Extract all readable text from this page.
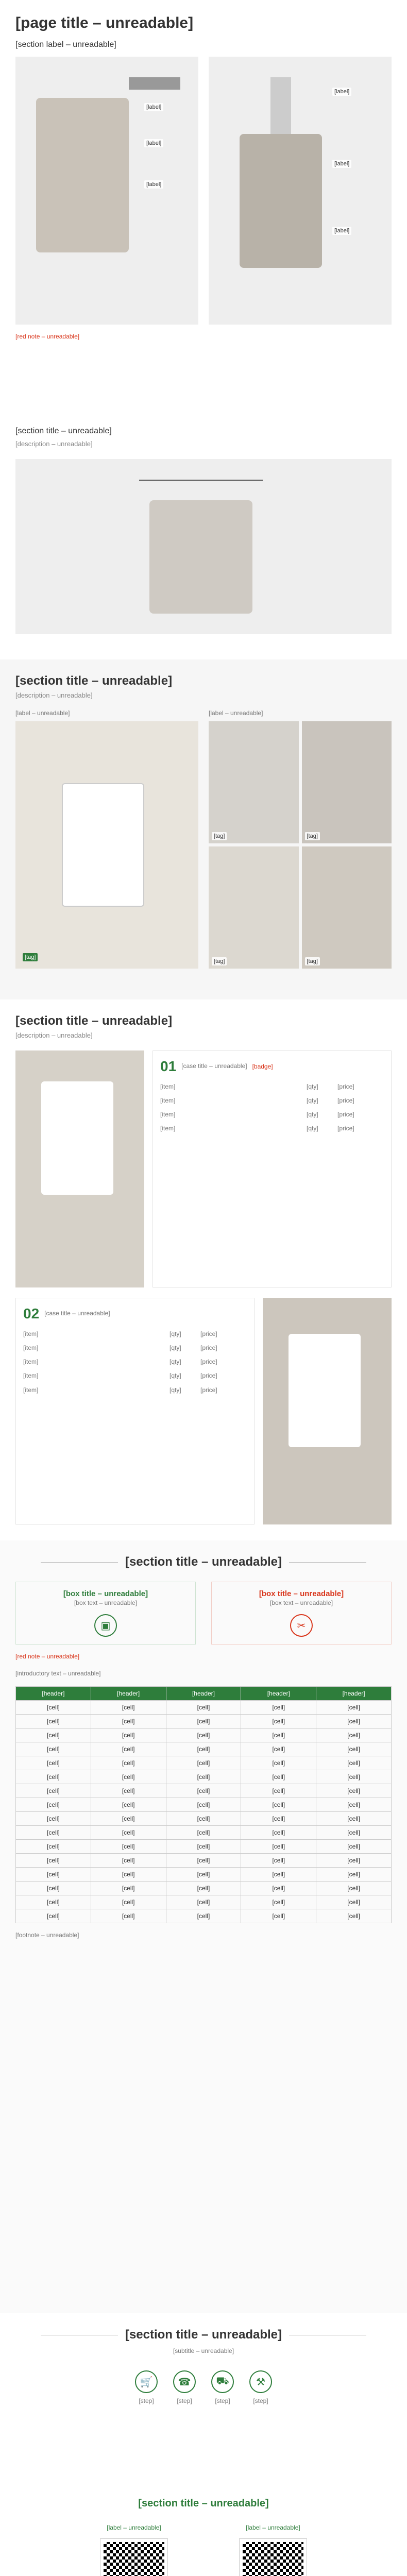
[page title – unreadable]
[section label – unreadable]
[label]
[label]
[label]
[label]
[label]
[label]
[red note – unreadable]
[section title – unreadable]
[description – unreadable]
[section title – unreadable]
[description – unreadable]
[label – unreadable]
[tag]
[label – unreadable]
[tag]	[tag]
[tag]	[tag]
[section title – unreadable]
[description – unreadable]
01 [case title – unreadable] [badge]
[item]	[qty]	[price]
[item]	[qty]	[price]
[item]	[qty]	[price]
[item]	[qty]	[price]
02 [case title – unreadable]
[item]	[qty]	[price]
[item]	[qty]	[price]
[item]	[qty]	[price]
[item]	[qty]	[price]
[item]	[qty]	[price]
[section title – unreadable]
[box title – unreadable]
[box text – unreadable]
▣
[box title – unreadable]
[box text – unreadable]
✂
[red note – unreadable]
[introductory text – unreadable]
[header]	[header]	[header]	[header]	[header]
[cell]	[cell]	[cell]	[cell]	[cell]
[cell]	[cell]	[cell]	[cell]	[cell]
[cell]	[cell]	[cell]	[cell]	[cell]
[cell]	[cell]	[cell]	[cell]	[cell]
[cell]	[cell]	[cell]	[cell]	[cell]
[cell]	[cell]	[cell]	[cell]	[cell]
[cell]	[cell]	[cell]	[cell]	[cell]
[cell]	[cell]	[cell]	[cell]	[cell]
[cell]	[cell]	[cell]	[cell]	[cell]
[cell]	[cell]	[cell]	[cell]	[cell]
[cell]	[cell]	[cell]	[cell]	[cell]
[cell]	[cell]	[cell]	[cell]	[cell]
[cell]	[cell]	[cell]	[cell]	[cell]
[cell]	[cell]	[cell]	[cell]	[cell]
[cell]	[cell]	[cell]	[cell]	[cell]
[cell]	[cell]	[cell]	[cell]	[cell]
[footnote – unreadable]
[section title – unreadable]
[subtitle – unreadable]
🛒
[step]
☎
[step]
⛟
[step]
⚒
[step]
[section title – unreadable]
[label – unreadable]	[label – unreadable]
